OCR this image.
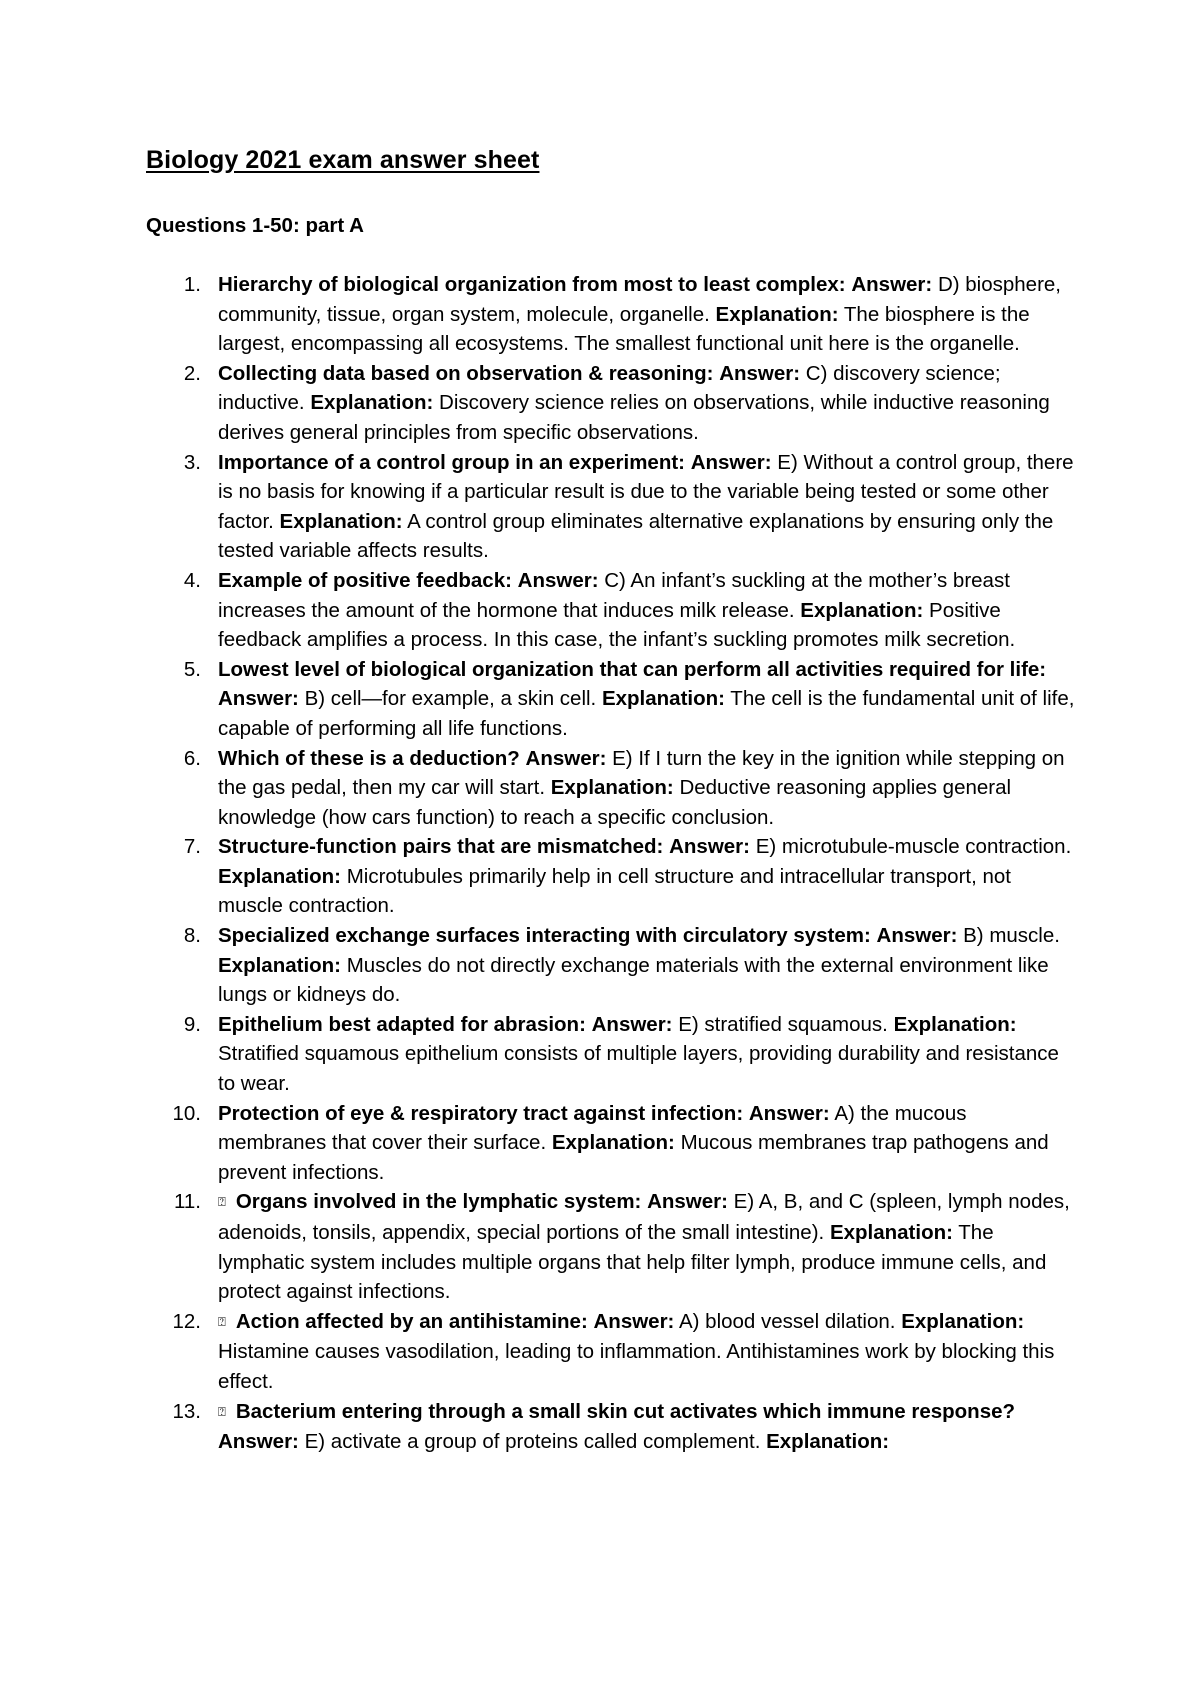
Biology 2021 exam answer sheet
Questions 1-50: part A
1. Hierarchy of biological organization from most to least complex: Answer: D) biosphere, community, tissue, organ system, molecule, organelle. Explanation: The biosphere is the largest, encompassing all ecosystems. The smallest functional unit here is the organelle.
2. Collecting data based on observation & reasoning: Answer: C) discovery science; inductive. Explanation: Discovery science relies on observations, while inductive reasoning derives general principles from specific observations.
3. Importance of a control group in an experiment: Answer: E) Without a control group, there is no basis for knowing if a particular result is due to the variable being tested or some other factor. Explanation: A control group eliminates alternative explanations by ensuring only the tested variable affects results.
4. Example of positive feedback: Answer: C) An infant’s suckling at the mother’s breast increases the amount of the hormone that induces milk release. Explanation: Positive feedback amplifies a process. In this case, the infant’s suckling promotes milk secretion.
5. Lowest level of biological organization that can perform all activities required for life: Answer: B) cell—for example, a skin cell. Explanation: The cell is the fundamental unit of life, capable of performing all life functions.
6. Which of these is a deduction? Answer: E) If I turn the key in the ignition while stepping on the gas pedal, then my car will start. Explanation: Deductive reasoning applies general knowledge (how cars function) to reach a specific conclusion.
7. Structure-function pairs that are mismatched: Answer: E) microtubule-muscle contraction. Explanation: Microtubules primarily help in cell structure and intracellular transport, not muscle contraction.
8. Specialized exchange surfaces interacting with circulatory system: Answer: B) muscle. Explanation: Muscles do not directly exchange materials with the external environment like lungs or kidneys do.
9. Epithelium best adapted for abrasion: Answer: E) stratified squamous. Explanation: Stratified squamous epithelium consists of multiple layers, providing durability and resistance to wear.
10. Protection of eye & respiratory tract against infection: Answer: A) the mucous membranes that cover their surface. Explanation: Mucous membranes trap pathogens and prevent infections.
11. ⍰ Organs involved in the lymphatic system: Answer: E) A, B, and C (spleen, lymph nodes, adenoids, tonsils, appendix, special portions of the small intestine). Explanation: The lymphatic system includes multiple organs that help filter lymph, produce immune cells, and protect against infections.
12. ⍰ Action affected by an antihistamine: Answer: A) blood vessel dilation. Explanation: Histamine causes vasodilation, leading to inflammation. Antihistamines work by blocking this effect.
13. ⍰ Bacterium entering through a small skin cut activates which immune response? Answer: E) activate a group of proteins called complement. Explanation:
